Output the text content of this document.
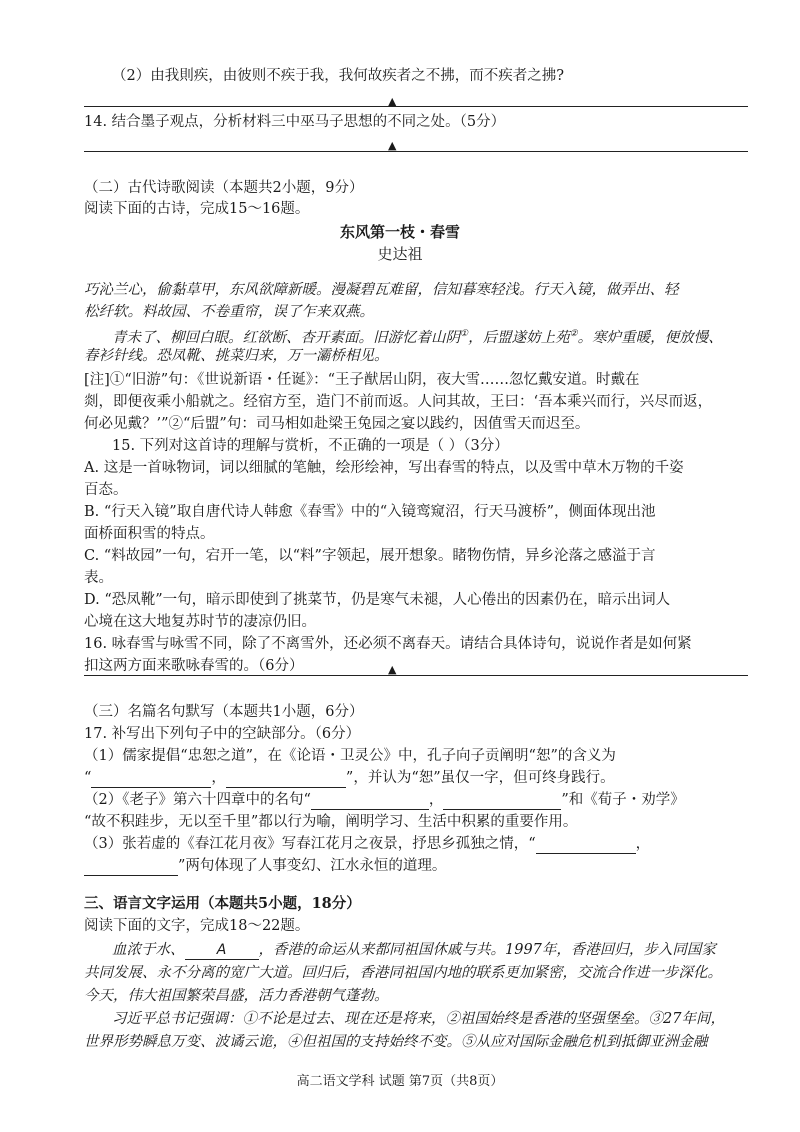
（2）由我則疾，由彼则不疾于我，我何故疾者之不拂，而不疾者之拂?
▲
14. 结合墨子观点，分析材料三中巫马子思想的不同之处。（5分）
▲
（二）古代诗歌阅读（本题共2小题，9分）
阅读下面的古诗，完成15～16题。
东风第一枝・春雪
史达祖
巧沁兰心，偷黏草甲，东风欲障新暖。漫凝碧瓦难留，信知暮寒轻浅。行天入镜，做弄出、轻
松纤软。料故园、不卷重帘，误了乍来双燕。
青未了、柳回白眼。红欲断、杏开素面。旧游忆着山阴①，后盟遂妨上苑②。寒炉重暖，便放慢、
春衫针线。恐凤靴、挑菜归来，万一灞桥相见。
[注]①“旧游”句：《世说新语・任诞》：“王子猷居山阴，夜大雪……忽忆戴安道。时戴在
剡，即便夜乘小船就之。经宿方至，造门不前而返。人问其故，王曰：‘吾本乘兴而行，兴尽而返，
何必见戴？’”②“后盟”句：司马相如赴梁王兔园之宴以践约，因值雪天而迟至。
15. 下列对这首诗的理解与赏析，不正确的一项是（ ）（3分）
A. 这是一首咏物词，词以细腻的笔触，绘形绘神，写出春雪的特点，以及雪中草木万物的千姿
百态。
B. “行天入镜”取自唐代诗人韩愈《春雪》中的“入镜鸾窥沼，行天马渡桥”，侧面体现出池
面桥面积雪的特点。
C. “料故园”一句，宕开一笔，以“料”字领起，展开想象。睹物伤情，异乡沦落之感溢于言
表。
D. “恐凤靴”一句，暗示即使到了挑菜节，仍是寒气未褪，人心倦出的因素仍在，暗示出词人
心境在这大地复苏时节的凄凉仍旧。
16. 咏春雪与咏雪不同，除了不离雪外，还必须不离春天。请结合具体诗句，说说作者是如何紧
扣这两方面来歌咏春雪的。（6分）	▲
（三）名篇名句默写（本题共1小题，6分）
17. 补写出下列句子中的空缺部分。（6分）
（1）儒家提倡“忠恕之道”，在《论语・卫灵公》中，孔子向子贡阐明“恕”的含义为
“	，	”，并认为“恕”虽仅一字，但可终身践行。
（2）《老子》第六十四章中的名句“	，	”和《荀子・劝学》
“故不积跬步，无以至千里”都以行为喻，阐明学习、生活中积累的重要作用。
（3）张若虚的《春江花月夜》写春江花月之夜景，抒思乡孤独之情，“	，
”两句体现了人事变幻、江水永恒的道理。
三、语言文字运用（本题共5小题，18分）
阅读下面的文字，完成18～22题。
血浓于水、 A ，香港的命运从来都同祖国休戚与共。1997年，香港回归，步入同国家
共同发展、永不分离的宽广大道。回归后，香港同祖国内地的联系更加紧密，交流合作进一步深化。
今天，伟大祖国繁荣昌盛，活力香港朝气蓬勃。
习近平总书记强调：①不论是过去、现在还是将来，②祖国始终是香港的坚强堡垒。③27年间，
世界形势瞬息万变、波谲云诡，④但祖国的支持始终不变。⑤从应对国际金融危机到抵御亚洲金融
高二语文学科 试题 第7页（共8页）
